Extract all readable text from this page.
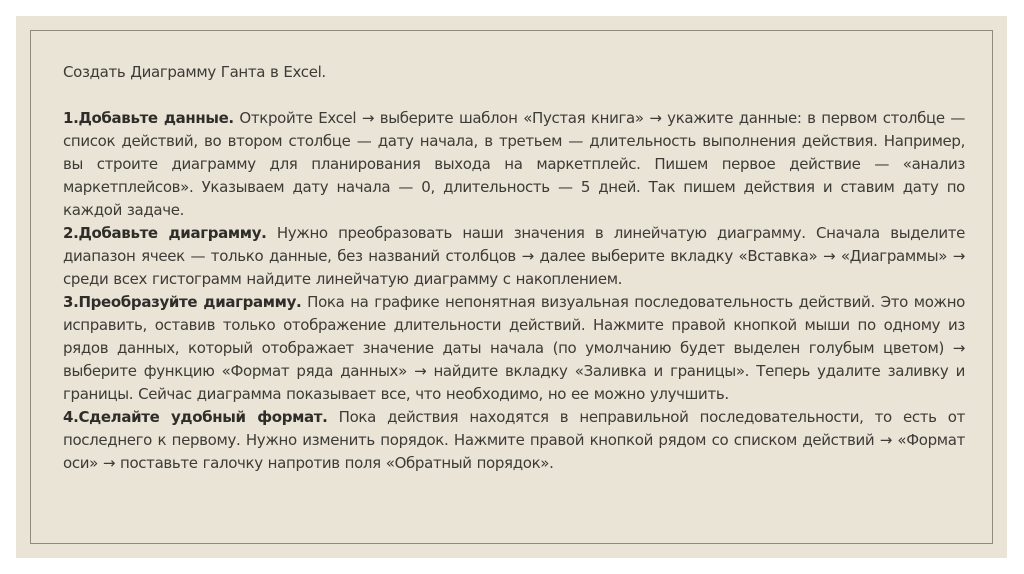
Создать Диаграмму Ганта в Excel.

1.Добавьте данные. Откройте Excel → выберите шаблон «Пустая книга» → укажите данные: в первом столбце — список действий, во втором столбце — дату начала, в третьем — длительность выполнения действия. Например, вы строите диаграмму для планирования выхода на маркетплейс. Пишем первое действие — «анализ маркетплейсов». Указываем дату начала — 0, длительность — 5 дней. Так пишем действия и ставим дату по каждой задаче.

2.Добавьте диаграмму. Нужно преобразовать наши значения в линейчатую диаграмму. Сначала выделите диапазон ячеек — только данные, без названий столбцов → далее выберите вкладку «Вставка» → «Диаграммы» → среди всех гистограмм найдите линейчатую диаграмму с накоплением.

3.Преобразуйте диаграмму. Пока на графике непонятная визуальная последовательность действий. Это можно исправить, оставив только отображение длительности действий. Нажмите правой кнопкой мыши по одному из рядов данных, который отображает значение даты начала (по умолчанию будет выделен голубым цветом) → выберите функцию «Формат ряда данных» → найдите вкладку «Заливка и границы». Теперь удалите заливку и границы. Сейчас диаграмма показывает все, что необходимо, но ее можно улучшить.

4.Сделайте удобный формат. Пока действия находятся в неправильной последовательности, то есть от последнего к первому. Нужно изменить порядок. Нажмите правой кнопкой рядом со списком действий → «Формат оси» → поставьте галочку напротив поля «Обратный порядок».
